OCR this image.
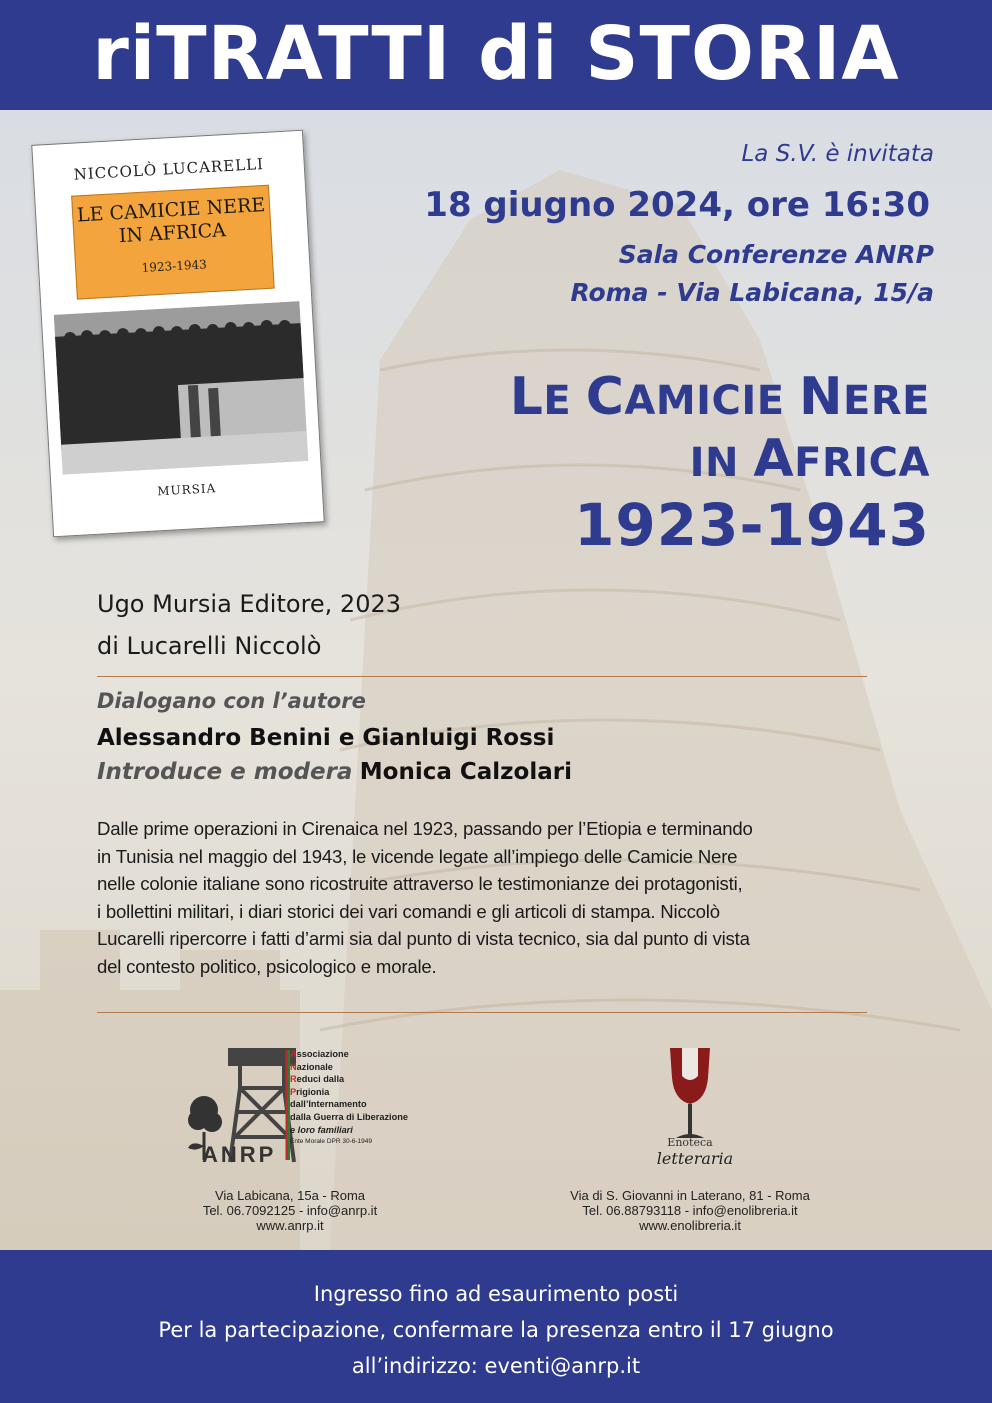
riTRATTI di STORIA
NICCOLÒ LUCARELLI
LE CAMICIE NERE
IN AFRICA
1923-1943
MURSIA
La S.V. è invitata
18 giugno 2024, ore 16:30
Sala Conferenze ANRP
Roma - Via Labicana, 15/a
LE CAMICIE NERE
IN AFRICA
1923-1943
Ugo Mursia Editore, 2023
di Lucarelli Niccolò
Dialogano con l’autore
Alessandro Benini e Gianluigi Rossi
Introduce e modera Monica Calzolari
Dalle prime operazioni in Cirenaica nel 1923, passando per l’Etiopia e terminando
in Tunisia nel maggio del 1943, le vicende legate all’impiego delle Camicie Nere
nelle colonie italiane sono ricostruite attraverso le testimonianze dei protagonisti,
i bollettini militari, i diari storici dei vari comandi e gli articoli di stampa. Niccolò
Lucarelli ripercorre i fatti d’armi sia dal punto di vista tecnico, sia dal punto di vista
del contesto politico, psicologico e morale.
Associazione
Nazionale
Reduci dalla
Prigionia
dall’Internamento
dalla Guerra di Liberazione
e loro familiari
Ente Morale DPR 30-6-1949
ANRP
Via Labicana, 15a - Roma
Tel. 06.7092125 - info@anrp.it
www.anrp.it
Enoteca
letteraria
Via di S. Giovanni in Laterano, 81 - Roma
Tel. 06.88793118 - info@enolibreria.it
www.enolibreria.it
Ingresso fino ad esaurimento posti
Per la partecipazione, confermare la presenza entro il 17 giugno
all’indirizzo: eventi@anrp.it
